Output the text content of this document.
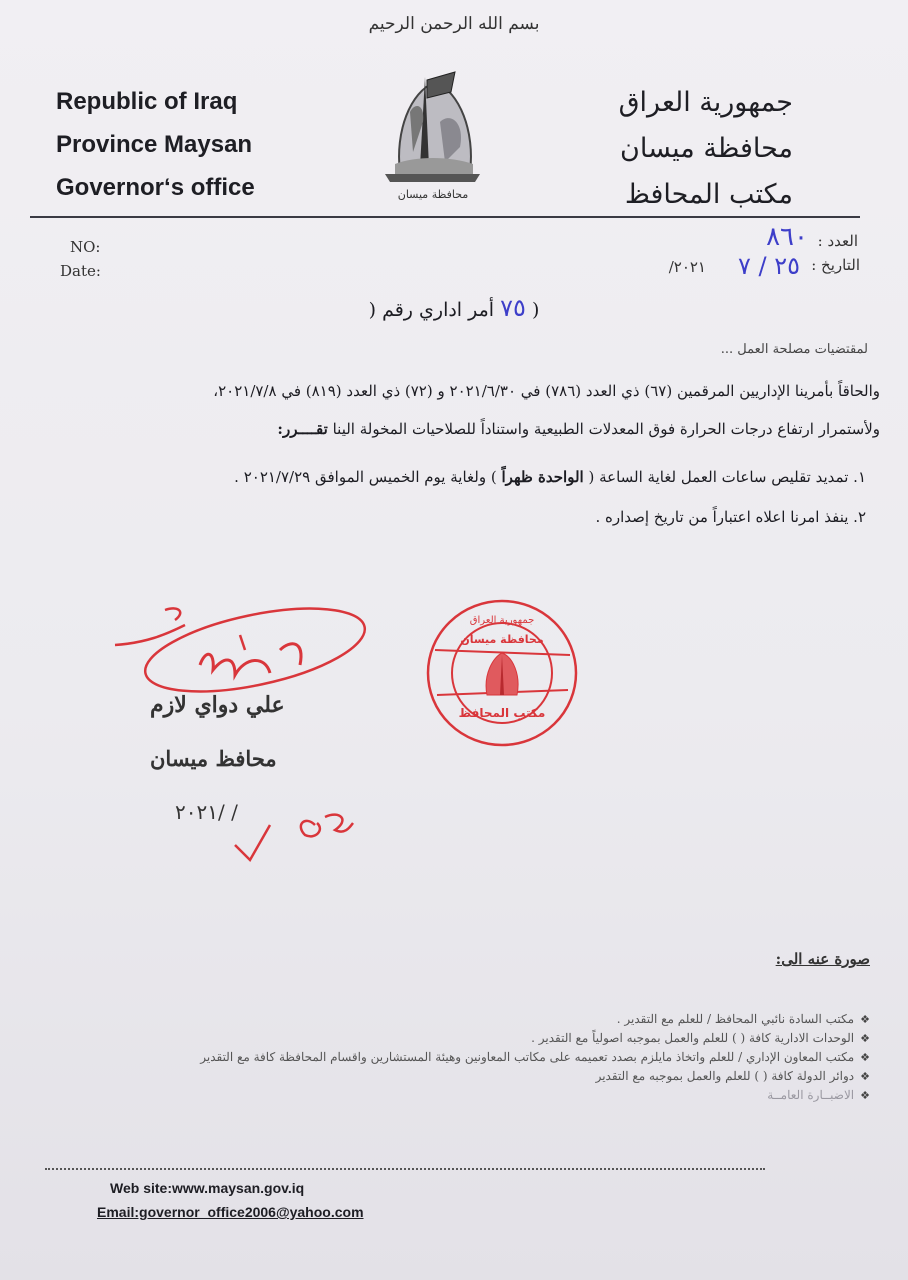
بسم الله الرحمن الرحيم
Republic of Iraq
Province Maysan
Governor‘s office	محافظة ميسان
جمهورية العراق
محافظة ميسان
مكتب المحافظ
NO:
Date:
العدد :
التاريخ :
٨٦٠
٢٥ / ٧
/٢٠٢١
أمر اداري رقم ( ٧٥ )
لمقتضيات مصلحة العمل ...
والحاقاً بأمرينا الإداريين المرقمين (٦٧) ذي العدد (٧٨٦) في ٢٠٢١/٦/٣٠ و (٧٢) ذي العدد (٨١٩) في ٢٠٢١/٧/٨،
ولأستمرار ارتفاع درجات الحرارة فوق المعدلات الطبيعية واستناداً للصلاحيات المخولة الينا تقــــرر:
١. تمديد تقليص ساعات العمل لغاية الساعة ( الواحدة ظهراً ) ولغاية يوم الخميس الموافق ٢٠٢١/٧/٢٩ .
٢. ينفذ امرنا اعلاه اعتباراً من تاريخ إصداره .
علي دواي لازم
محافظ ميسان
٢٠٢١/ /
جمهورية العراق
محافظة ميسان
مكتب المحافظ
صورة عنه الى:
❖مكتب السادة نائبي المحافظ / للعلم مع التقدير .
❖الوحدات الادارية كافة ( ) للعلم والعمل بموجبه اصولياً مع التقدير .
❖مكتب المعاون الإداري / للعلم واتخاذ مايلزم بصدد تعميمه على مكاتب المعاونين وهيئة المستشارين واقسام المحافظة كافة مع التقدير
❖دوائر الدولة كافة ( ) للعلم والعمل بموجبه مع التقدير
❖الاضبــارة العامــة
Web site:www.maysan.gov.iq
Email:governor_office2006@yahoo.com
